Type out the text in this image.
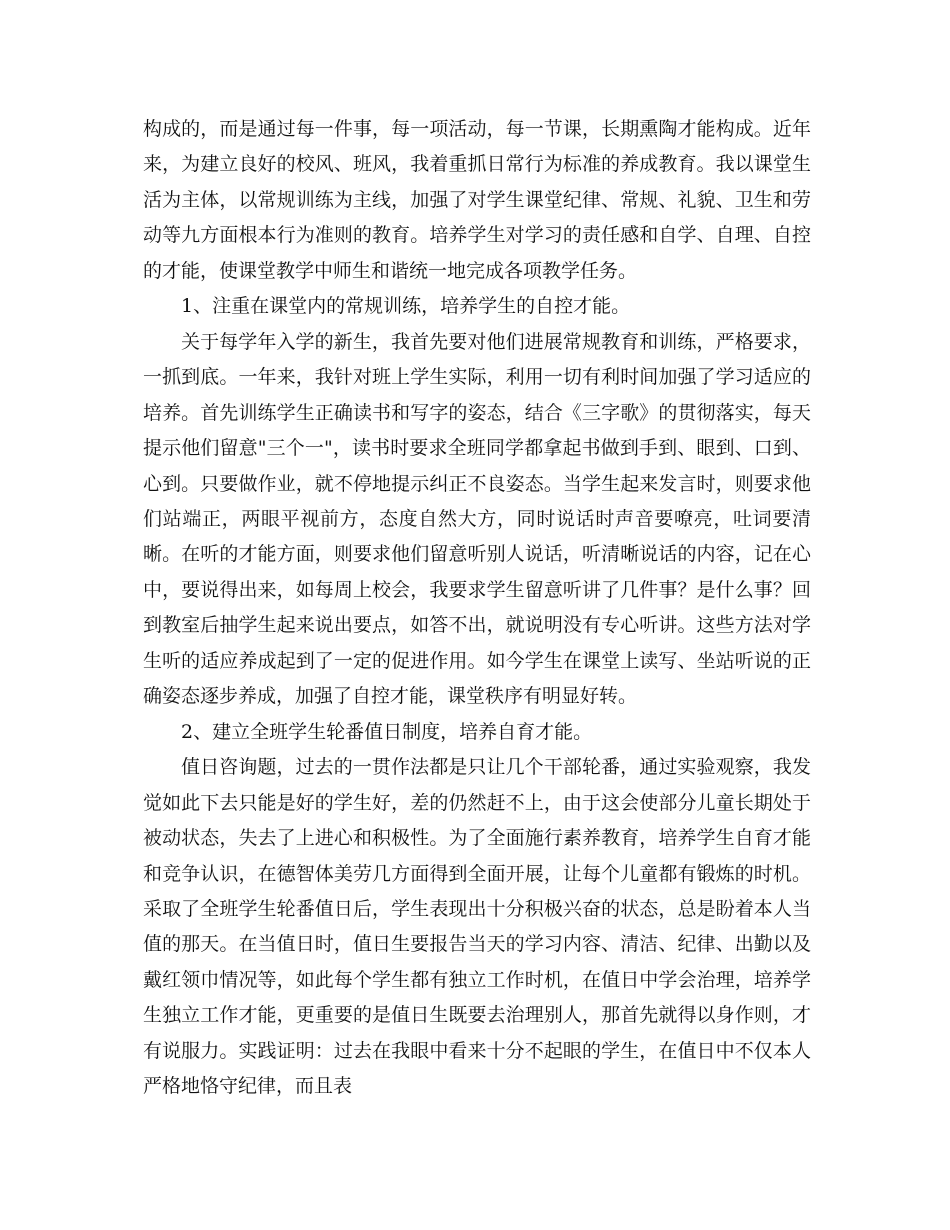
构成的，而是通过每一件事，每一项活动，每一节课，长期熏陶才能构成。近年来，为建立良好的校风、班风，我着重抓日常行为标准的养成教育。我以课堂生活为主体，以常规训练为主线，加强了对学生课堂纪律、常规、礼貌、卫生和劳动等九方面根本行为准则的教育。培养学生对学习的责任感和自学、自理、自控的才能，使课堂教学中师生和谐统一地完成各项教学任务。

1、注重在课堂内的常规训练，培养学生的自控才能。

关于每学年入学的新生，我首先要对他们进展常规教育和训练，严格要求，一抓到底。一年来，我针对班上学生实际，利用一切有利时间加强了学习适应的培养。首先训练学生正确读书和写字的姿态，结合《三字歌》的贯彻落实，每天提示他们留意"三个一"，读书时要求全班同学都拿起书做到手到、眼到、口到、心到。只要做作业，就不停地提示纠正不良姿态。当学生起来发言时，则要求他们站端正，两眼平视前方，态度自然大方，同时说话时声音要嘹亮，吐词要清晰。在听的才能方面，则要求他们留意听别人说话，听清晰说话的内容，记在心中，要说得出来，如每周上校会，我要求学生留意听讲了几件事？是什么事？回到教室后抽学生起来说出要点，如答不出，就说明没有专心听讲。这些方法对学生听的适应养成起到了一定的促进作用。如今学生在课堂上读写、坐站听说的正确姿态逐步养成，加强了自控才能，课堂秩序有明显好转。

2、建立全班学生轮番值日制度，培养自育才能。

值日咨询题，过去的一贯作法都是只让几个干部轮番，通过实验观察，我发觉如此下去只能是好的学生好，差的仍然赶不上，由于这会使部分儿童长期处于被动状态，失去了上进心和积极性。为了全面施行素养教育，培养学生自育才能和竞争认识，在德智体美劳几方面得到全面开展，让每个儿童都有锻炼的时机。采取了全班学生轮番值日后，学生表现出十分积极兴奋的状态，总是盼着本人当值的那天。在当值日时，值日生要报告当天的学习内容、清洁、纪律、出勤以及戴红领巾情况等，如此每个学生都有独立工作时机，在值日中学会治理，培养学生独立工作才能，更重要的是值日生既要去治理别人，那首先就得以身作则，才有说服力。实践证明：过去在我眼中看来十分不起眼的学生，在值日中不仅本人严格地恪守纪律，而且表
